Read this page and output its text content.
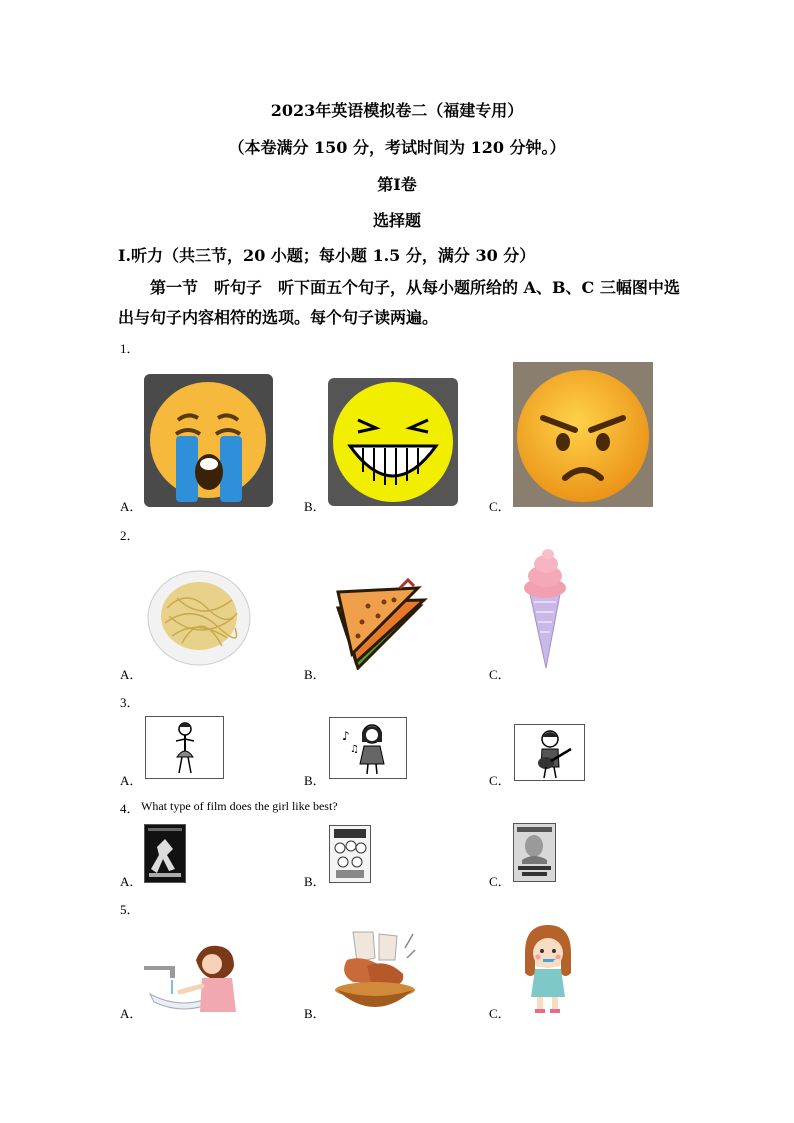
2023年英语模拟卷二（福建专用）
（本卷满分 150 分，考试时间为 120 分钟。）
第Ⅰ卷
选择题
Ⅰ.听力（共三节，20 小题；每小题 1.5 分，满分 30 分）
第一节　听句子　听下面五个句子，从每小题所给的 A、B、C 三幅图中选
出与句子内容相符的选项。每个句子读两遍。
1．
A．	B．	C．
2．
A．	B．	C．
3．
A．	B．	C．
♪
♫
4． What type of film does the girl like best?
A．	B．	C．
5．
A．	B．	C．
